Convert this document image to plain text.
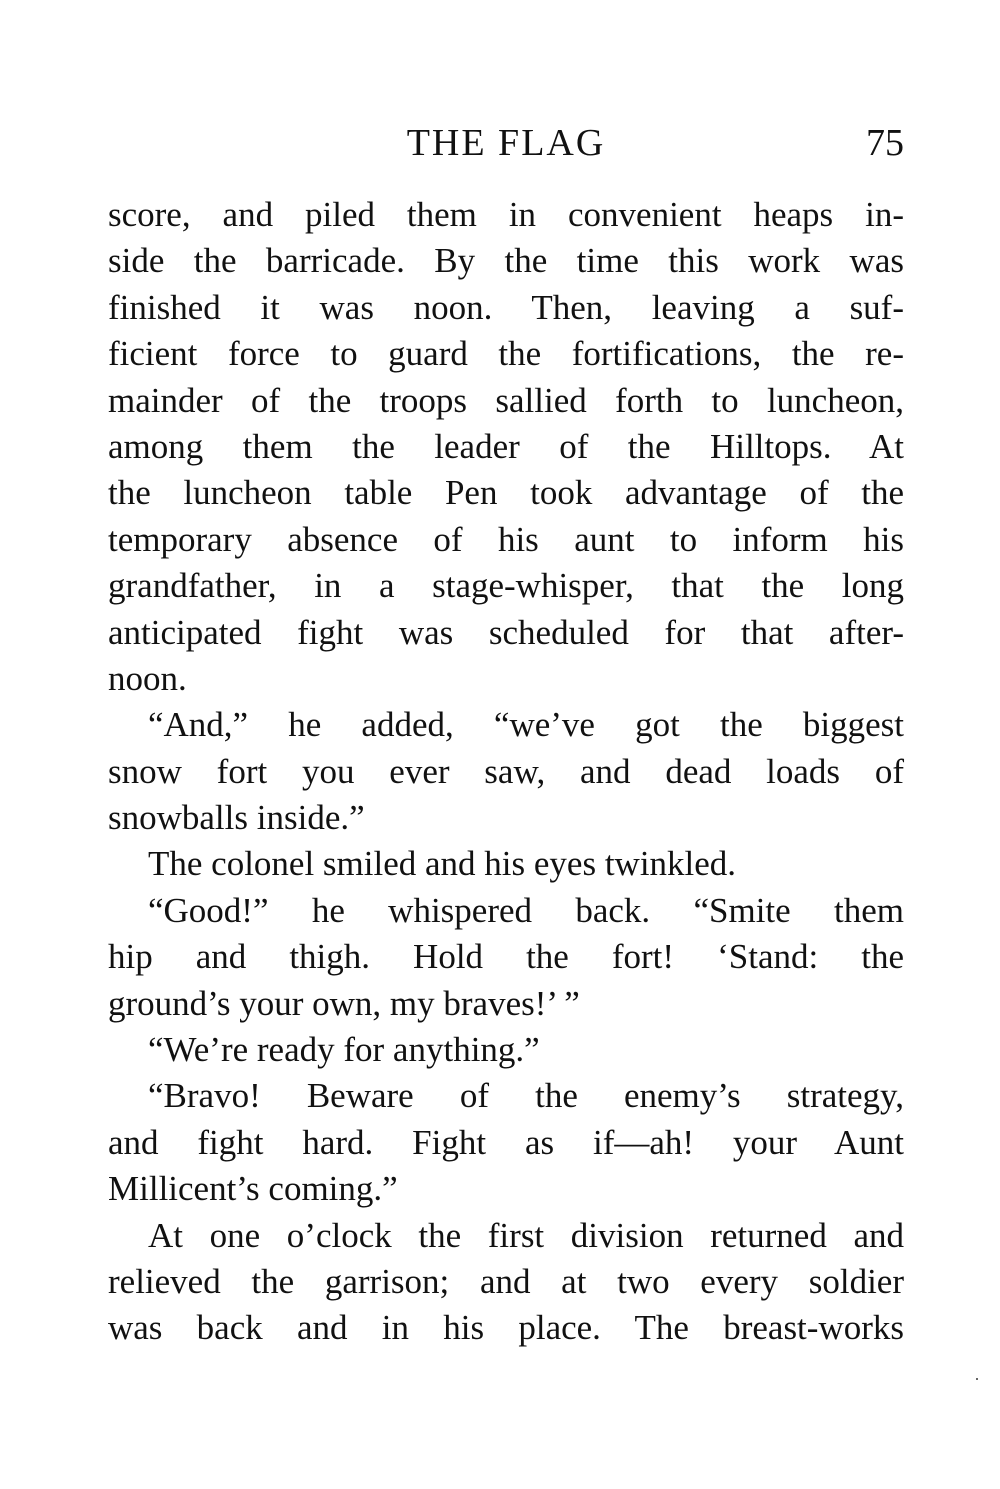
THE FLAG	75
score, and piled them in convenient heaps in-
side the barricade. By the time this work was
finished it was noon. Then, leaving a suf-
ficient force to guard the fortifications, the re-
mainder of the troops sallied forth to luncheon,
among them the leader of the Hilltops. At
the luncheon table Pen took advantage of the
temporary absence of his aunt to inform his
grandfather, in a stage-whisper, that the long
anticipated fight was scheduled for that after-
noon.
“And,” he added, “we’ve got the biggest
snow fort you ever saw, and dead loads of
snowballs inside.”
The colonel smiled and his eyes twinkled.
“Good!” he whispered back. “Smite them
hip and thigh. Hold the fort! ‘Stand: the
ground’s your own, my braves!’ ”
“We’re ready for anything.”
“Bravo! Beware of the enemy’s strategy,
and fight hard. Fight as if—ah! your Aunt
Millicent’s coming.”
At one o’clock the first division returned and
relieved the garrison; and at two every soldier
was back and in his place. The breast-works
